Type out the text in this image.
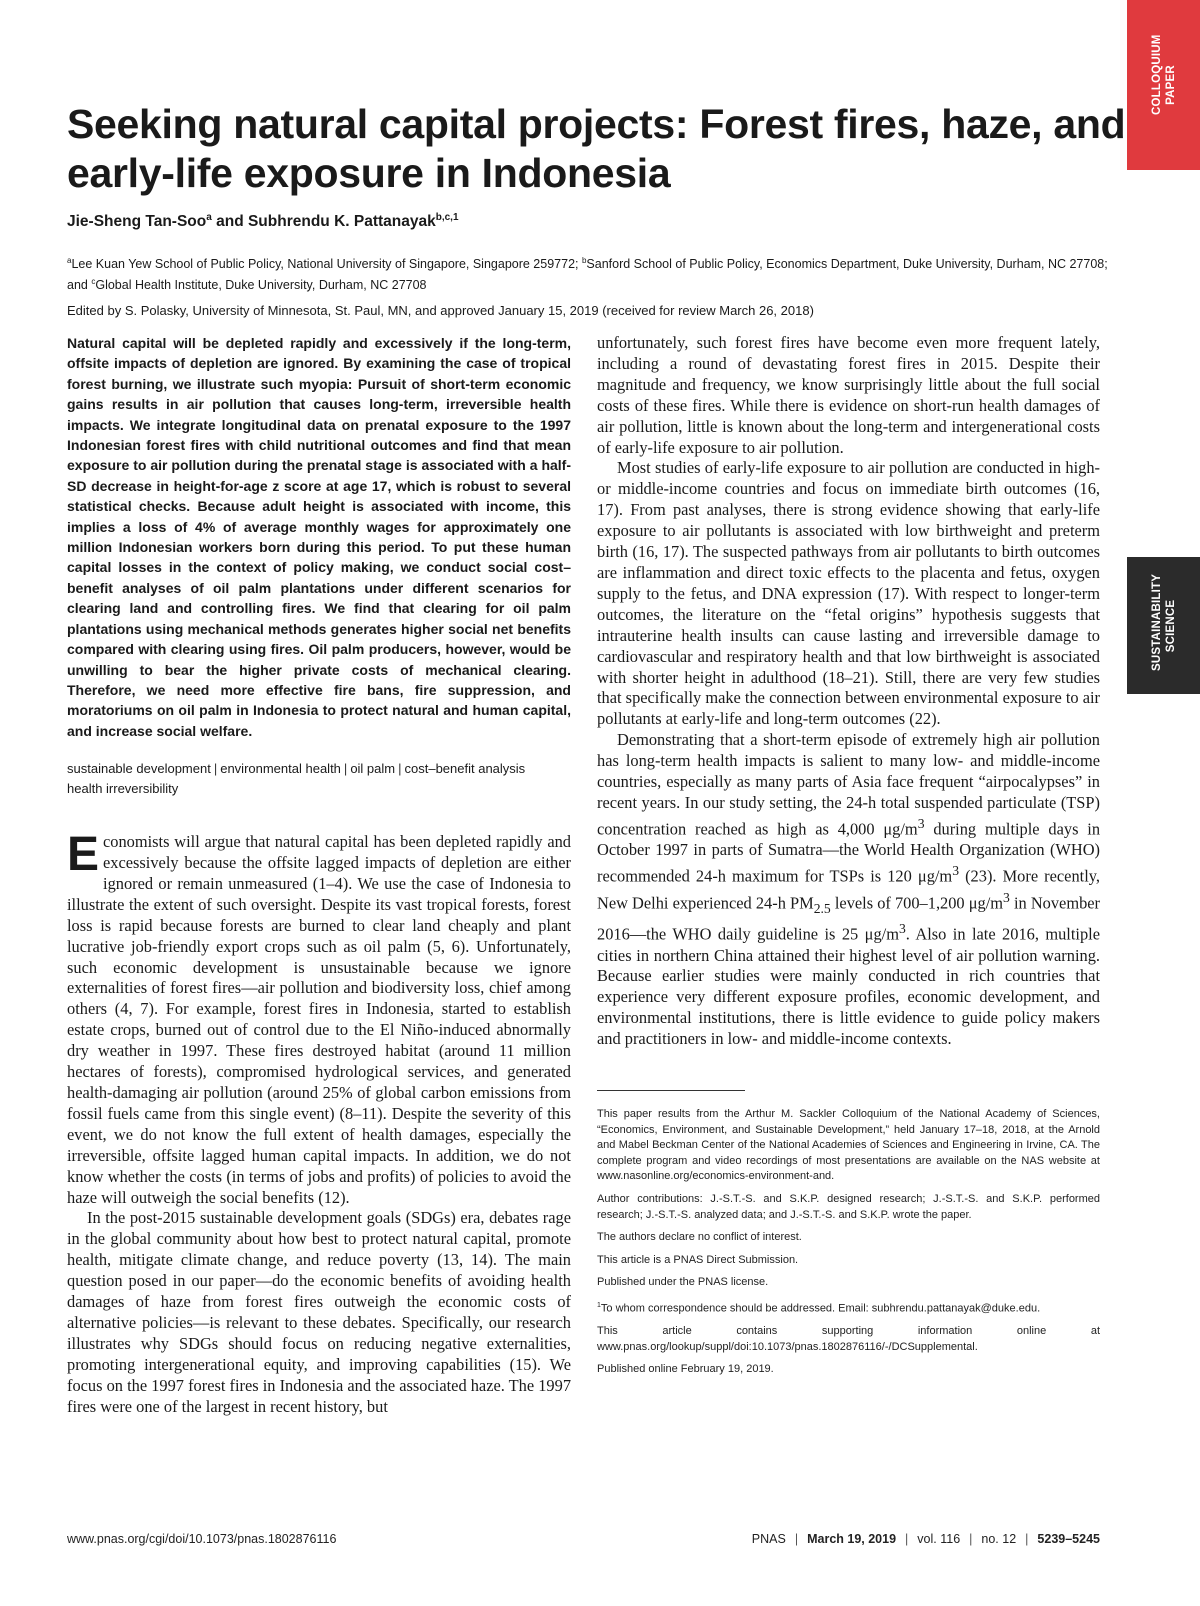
COLLOQUIUM PAPER
SUSTAINABILITY SCIENCE
Seeking natural capital projects: Forest fires, haze, and early-life exposure in Indonesia

Jie-Sheng Tan-Soo$^a$ and Subhrendu K. Pattanayak$^{b,c,1}$

$^a$Lee Kuan Yew School of Public Policy, National University of Singapore, Singapore 259772; $^b$Sanford School of Public Policy, Economics Department, Duke University, Durham, NC 27708; and $^c$Global Health Institute, Duke University, Durham, NC 27708

Edited by S. Polasky, University of Minnesota, St. Paul, MN, and approved January 15, 2019 (received for review March 26, 2018)

Natural capital will be depleted rapidly and excessively if the long-term, offsite impacts of depletion are ignored. By examining the case of tropical forest burning, we illustrate such myopia: Pursuit of short-term economic gains results in air pollution that causes long-term, irreversible health impacts. We integrate longitudinal data on prenatal exposure to the 1997 Indonesian forest fires with child nutritional outcomes and find that mean exposure to air pollution during the prenatal stage is associated with a half-SD decrease in height-for-age z score at age 17, which is robust to several statistical checks. Because adult height is associated with income, this implies a loss of 4% of average monthly wages for approximately one million Indonesian workers born during this period. To put these human capital losses in the context of policy making, we conduct social cost–benefit analyses of oil palm plantations under different scenarios for clearing land and controlling fires. We find that clearing for oil palm plantations using mechanical methods generates higher social net benefits compared with clearing using fires. Oil palm producers, however, would be unwilling to bear the higher private costs of mechanical clearing. Therefore, we need more effective fire bans, fire suppression, and moratoriums on oil palm in Indonesia to protect natural and human capital, and increase social welfare.

sustainable development | environmental health | oil palm | cost–benefit analysis
health irreversibility

E conomists will argue that natural capital has been depleted rapidly and excessively because the offsite lagged impacts of depletion are either ignored or remain unmeasured (1–4). We use the case of Indonesia to illustrate the extent of such oversight. Despite its vast tropical forests, forest loss is rapid because forests are burned to clear land cheaply and plant lucrative job-friendly export crops such as oil palm (5, 6). Unfortunately, such economic development is unsustainable because we ignore externalities of forest fires—air pollution and biodiversity loss, chief among others (4, 7). For example, forest fires in Indonesia, started to establish estate crops, burned out of control due to the El Niño-induced abnormally dry weather in 1997. These fires destroyed habitat (around 11 million hectares of forests), compromised hydrological services, and generated health-damaging air pollution (around 25% of global carbon emissions from fossil fuels came from this single event) (8–11). Despite the severity of this event, we do not know the full extent of health damages, especially the irreversible, offsite lagged human capital impacts. In addition, we do not know whether the costs (in terms of jobs and profits) of policies to avoid the haze will outweigh the social benefits (12).

In the post-2015 sustainable development goals (SDGs) era, debates rage in the global community about how best to protect natural capital, promote health, mitigate climate change, and reduce poverty (13, 14). The main question posed in our paper—do the economic benefits of avoiding health damages of haze from forest fires outweigh the economic costs of alternative policies—is relevant to these debates. Specifically, our research illustrates why SDGs should focus on reducing negative externalities, promoting intergenerational equity, and improving capabilities (15). We focus on the 1997 forest fires in Indonesia and the associated haze. The 1997 fires were one of the largest in recent history, but

unfortunately, such forest fires have become even more frequent lately, including a round of devastating forest fires in 2015. Despite their magnitude and frequency, we know surprisingly little about the full social costs of these fires. While there is evidence on short-run health damages of air pollution, little is known about the long-term and intergenerational costs of early-life exposure to air pollution.

Most studies of early-life exposure to air pollution are conducted in high- or middle-income countries and focus on immediate birth outcomes (16, 17). From past analyses, there is strong evidence showing that early-life exposure to air pollutants is associated with low birthweight and preterm birth (16, 17). The suspected pathways from air pollutants to birth outcomes are inflammation and direct toxic effects to the placenta and fetus, oxygen supply to the fetus, and DNA expression (17). With respect to longer-term outcomes, the literature on the “fetal origins” hypothesis suggests that intrauterine health insults can cause lasting and irreversible damage to cardiovascular and respiratory health and that low birthweight is associated with shorter height in adulthood (18–21). Still, there are very few studies that specifically make the connection between environmental exposure to air pollutants at early-life and long-term outcomes (22).

Demonstrating that a short-term episode of extremely high air pollution has long-term health impacts is salient to many low- and middle-income countries, especially as many parts of Asia face frequent “airpocalypses” in recent years. In our study setting, the 24-h total suspended particulate (TSP) concentration reached as high as 4,000 $\mu g/m^3$ during multiple days in October 1997 in parts of Sumatra—the World Health Organization (WHO) recommended 24-h maximum for TSPs is 120 $\mu g/m^3$ (23). More recently, New Delhi experienced 24-h $PM_{2.5}$ levels of 700–1,200 $\mu g/m^3$ in November 2016—the WHO daily guideline is 25 $\mu g/m^3$. Also in late 2016, multiple cities in northern China attained their highest level of air pollution warning. Because earlier studies were mainly conducted in rich countries that experience very different exposure profiles, economic development, and environmental institutions, there is little evidence to guide policy makers and practitioners in low- and middle-income contexts.

This paper results from the Arthur M. Sackler Colloquium of the National Academy of Sciences, “Economics, Environment, and Sustainable Development,” held January 17–18, 2018, at the Arnold and Mabel Beckman Center of the National Academies of Sciences and Engineering in Irvine, CA. The complete program and video recordings of most presentations are available on the NAS website at www.nasonline.org/economics-environment-and.

Author contributions: J.-S.T.-S. and S.K.P. designed research; J.-S.T.-S. and S.K.P. performed research; J.-S.T.-S. analyzed data; and J.-S.T.-S. and S.K.P. wrote the paper.

The authors declare no conflict of interest.

This article is a PNAS Direct Submission.

Published under the PNAS license.

$^1$To whom correspondence should be addressed. Email: subhrendu.pattanayak@duke.edu.

This article contains supporting information online at www.pnas.org/lookup/suppl/doi:10.1073/pnas.1802876116/-/DCSupplemental.

Published online February 19, 2019.

www.pnas.org/cgi/doi/10.1073/pnas.1802876116	PNAS | March 19, 2019 | vol. 116 | no. 12 | 5239–5245
